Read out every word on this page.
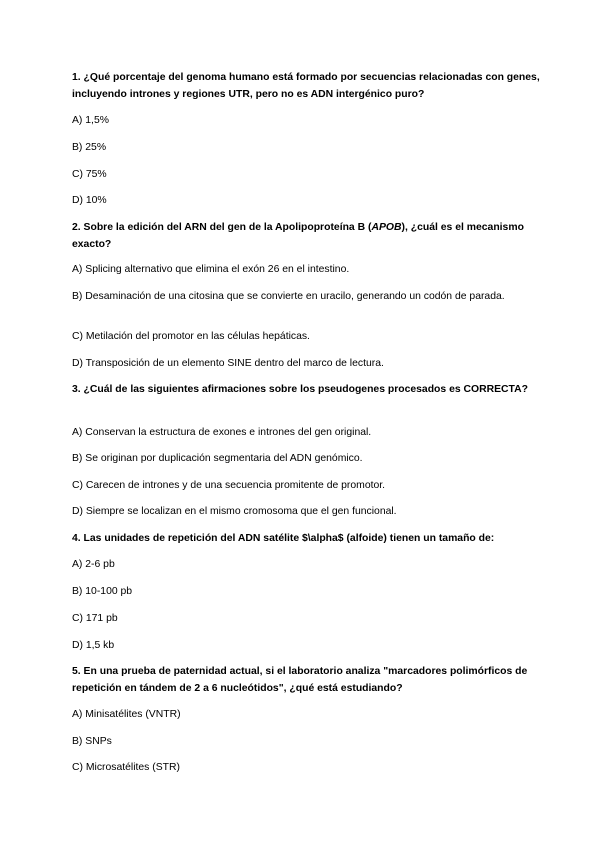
1. ¿Qué porcentaje del genoma humano está formado por secuencias relacionadas con genes, incluyendo intrones y regiones UTR, pero no es ADN intergénico puro?
A) 1,5%
B) 25%
C) 75%
D) 10%
2. Sobre la edición del ARN del gen de la Apolipoproteína B (APOB), ¿cuál es el mecanismo exacto?
A) Splicing alternativo que elimina el exón 26 en el intestino.
B) Desaminación de una citosina que se convierte en uracilo, generando un codón de parada.
C) Metilación del promotor en las células hepáticas.
D) Transposición de un elemento SINE dentro del marco de lectura.
3. ¿Cuál de las siguientes afirmaciones sobre los pseudogenes procesados es CORRECTA?
A) Conservan la estructura de exones e intrones del gen original.
B) Se originan por duplicación segmentaria del ADN genómico.
C) Carecen de intrones y de una secuencia promitente de promotor.
D) Siempre se localizan en el mismo cromosoma que el gen funcional.
4. Las unidades de repetición del ADN satélite $\alpha$ (alfoide) tienen un tamaño de:
A) 2-6 pb
B) 10-100 pb
C) 171 pb
D) 1,5 kb
5. En una prueba de paternidad actual, si el laboratorio analiza "marcadores polimórficos de repetición en tándem de 2 a 6 nucleótidos", ¿qué está estudiando?
A) Minisatélites (VNTR)
B) SNPs
C) Microsatélites (STR)
